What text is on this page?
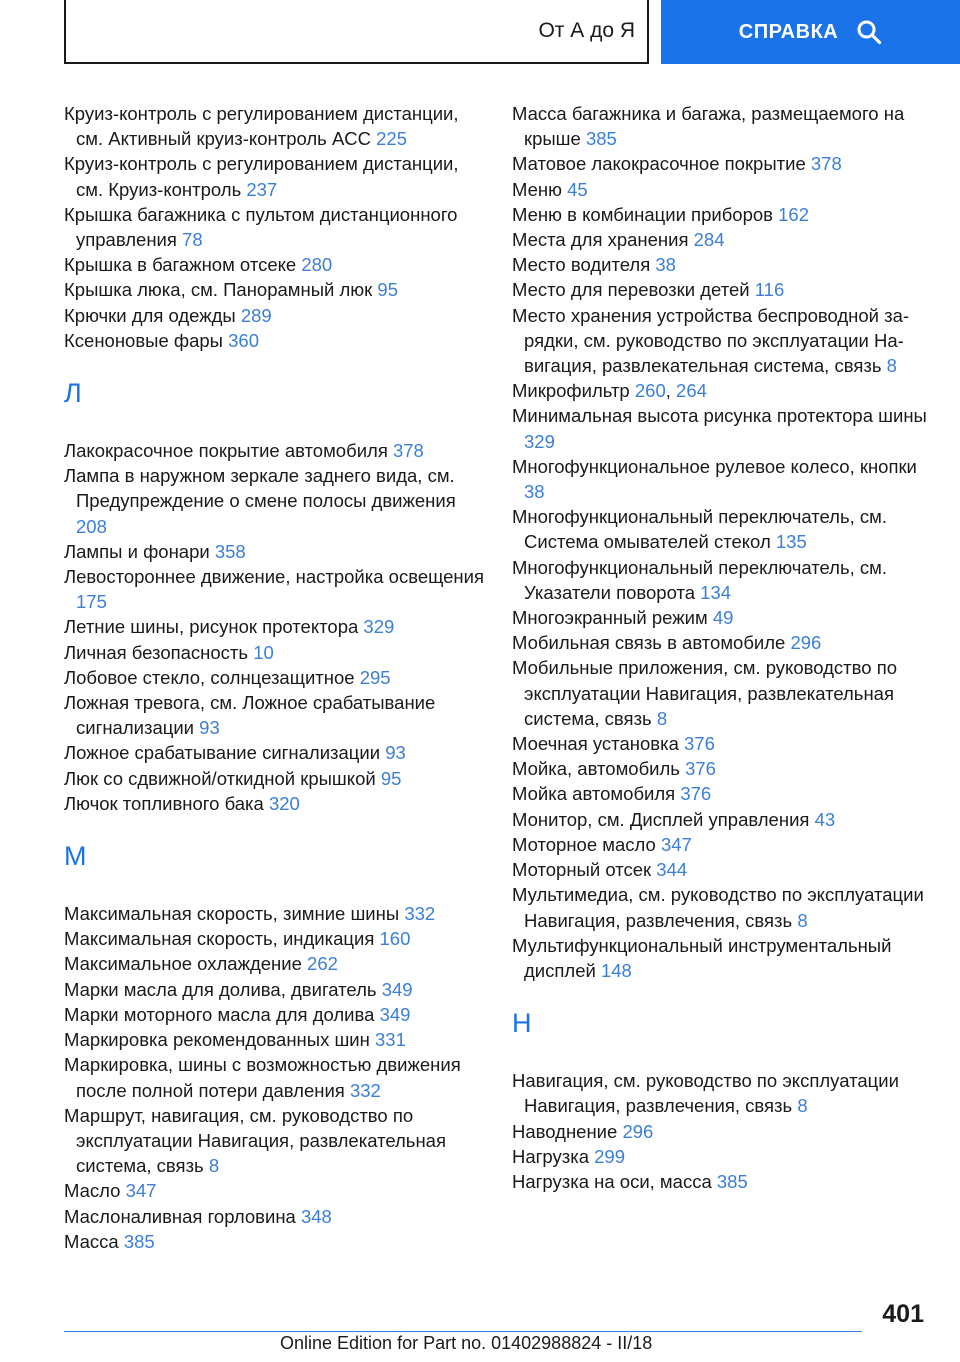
От А до Я	СПРАВКА
Круиз-контроль с регулированием дистанции, см. Активный круиз-контроль ACC 225
Круиз-контроль с регулированием дистанции, см. Круиз-контроль 237
Крышка багажника с пультом дистанционного управления 78
Крышка в багажном отсеке 280
Крышка люка, см. Панорамный люк 95
Крючки для одежды 289
Ксеноновые фары 360
Л
Лакокрасочное покрытие автомобиля 378
Лампа в наружном зеркале заднего вида, см. Предупреждение о смене полосы движения 208
Лампы и фонари 358
Левостороннее движение, настройка освещения 175
Летние шины, рисунок протектора 329
Личная безопасность 10
Лобовое стекло, солнцезащитное 295
Ложная тревога, см. Ложное срабатывание сигнализации 93
Ложное срабатывание сигнализации 93
Люк со сдвижной/откидной крышкой 95
Лючок топливного бака 320
М
Максимальная скорость, зимние шины 332
Максимальная скорость, индикация 160
Максимальное охлаждение 262
Марки масла для долива, двигатель 349
Марки моторного масла для долива 349
Маркировка рекомендованных шин 331
Маркировка, шины с возможностью движения после полной потери давления 332
Маршрут, навигация, см. руководство по эксплуатации Навигация, развлекательная система, связь 8
Масло 347
Маслоналивная горловина 348
Масса 385
Масса багажника и багажа, размещаемого на крыше 385
Матовое лакокрасочное покрытие 378
Меню 45
Меню в комбинации приборов 162
Места для хранения 284
Место водителя 38
Место для перевозки детей 116
Место хранения устройства беспроводной зарядки, см. руководство по эксплуатации Навигация, развлекательная система, связь 8
Микрофильтр 260, 264
Минимальная высота рисунка протектора шины 329
Многофункциональное рулевое колесо, кнопки 38
Многофункциональный переключатель, см. Система омывателей стекол 135
Многофункциональный переключатель, см. Указатели поворота 134
Многоэкранный режим 49
Мобильная связь в автомобиле 296
Мобильные приложения, см. руководство по эксплуатации Навигация, развлекательная система, связь 8
Моечная установка 376
Мойка, автомобиль 376
Мойка автомобиля 376
Монитор, см. Дисплей управления 43
Моторное масло 347
Моторный отсек 344
Мультимедиа, см. руководство по эксплуатации Навигация, развлечения, связь 8
Мультифункциональный инструментальный дисплей 148
Н
Навигация, см. руководство по эксплуатации Навигация, развлечения, связь 8
Наводнение 296
Нагрузка 299
Нагрузка на оси, масса 385
401
Online Edition for Part no. 01402988824 - II/18
